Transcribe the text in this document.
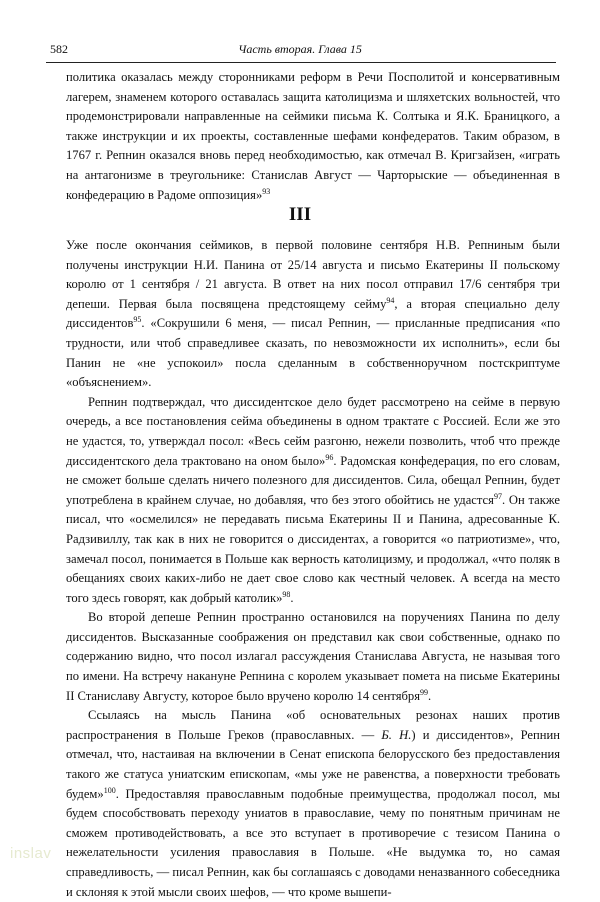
582	Часть вторая. Глава 15

политика оказалась между сторонниками реформ в Речи Посполитой и консервативным лагерем, знаменем которого оставалась защита католицизма и шляхетских вольностей, что продемонстрировали направленные на сеймики письма К. Солтыка и Я.К. Браницкого, а также инструкции и их проекты, составленные шефами конфедератов. Таким образом, в 1767 г. Репнин оказался вновь перед необходимостью, как отмечал В. Кригзайзен, «играть на антагонизме в треугольнике: Станислав Август — Чарторыские — объединенная в конфедерацию в Радоме оппозиция»$^{93}$

III

Уже после окончания сеймиков, в первой половине сентября Н.В. Репниным были получены инструкции Н.И. Панина от 25/14 августа и письмо Екатерины II польскому королю от 1 сентября / 21 августа. В ответ на них посол отправил 17/6 сентября три депеши. Первая была посвящена предстоящему сейму$^{94}$, а вторая специально делу диссидентов$^{95}$. «Сокрушили 6 меня, — писал Репнин, — присланные предписания «по трудности, или чтоб справедливее сказать, по невозможности их исполнить», если бы Панин не «не успокоил» посла сделанным в собственноручном постскриптуме «объяснением».

Репнин подтверждал, что диссидентское дело будет рассмотрено на сейме в первую очередь, а все постановления сейма объединены в одном трактате с Россией. Если же это не удастся, то, утверждал посол: «Весь сейм разгоню, нежели позволить, чтоб что прежде диссидентского дела трактовано на оном было»$^{96}$. Радомская конфедерация, по его словам, не сможет больше сделать ничего полезного для диссидентов. Сила, обещал Репнин, будет употреблена в крайнем случае, но добавляя, что без этого обойтись не удастся$^{97}$. Он также писал, что «осмелился» не передавать письма Екатерины II и Панина, адресованные К. Радзивиллу, так как в них не говорится о диссидентах, а говорится «о патриотизме», что, замечал посол, понимается в Польше как верность католицизму, и продолжал, «что поляк в обещаниях своих каких-либо не дает свое слово как честный человек. А всегда на место того здесь говорят, как добрый католик»$^{98}$.

Во второй депеше Репнин пространно остановился на поручениях Панина по делу диссидентов. Высказанные соображения он представил как свои собственные, однако по содержанию видно, что посол излагал рассуждения Станислава Августа, не называя того по имени. На встречу накануне Репнина с королем указывает помета на письме Екатерины II Станиславу Августу, которое было вручено королю 14 сентября$^{99}$.

Ссылаясь на мысль Панина «об основательных резонах наших против распространения в Польше Греков (православных. — Б. Н.) и диссидентов», Репнин отмечал, что, настаивая на включении в Сенат епископа белорусского без предоставления такого же статуса униатским епископам, «мы уже не равенства, а поверхности требовать будем»$^{100}$. Предоставляя православным подобные преимущества, продолжал посол, мы будем способствовать переходу униатов в православие, чему по понятным причинам не сможем противодействовать, а все это вступает в противоречие с тезисом Панина о нежелательности усиления православия в Польше. «Не выдумка то, но самая справедливость, — писал Репнин, как бы соглашаясь с доводами неназванного собеседника и склоняя к этой мысли своих шефов, — что кроме вышепи-

inslav
